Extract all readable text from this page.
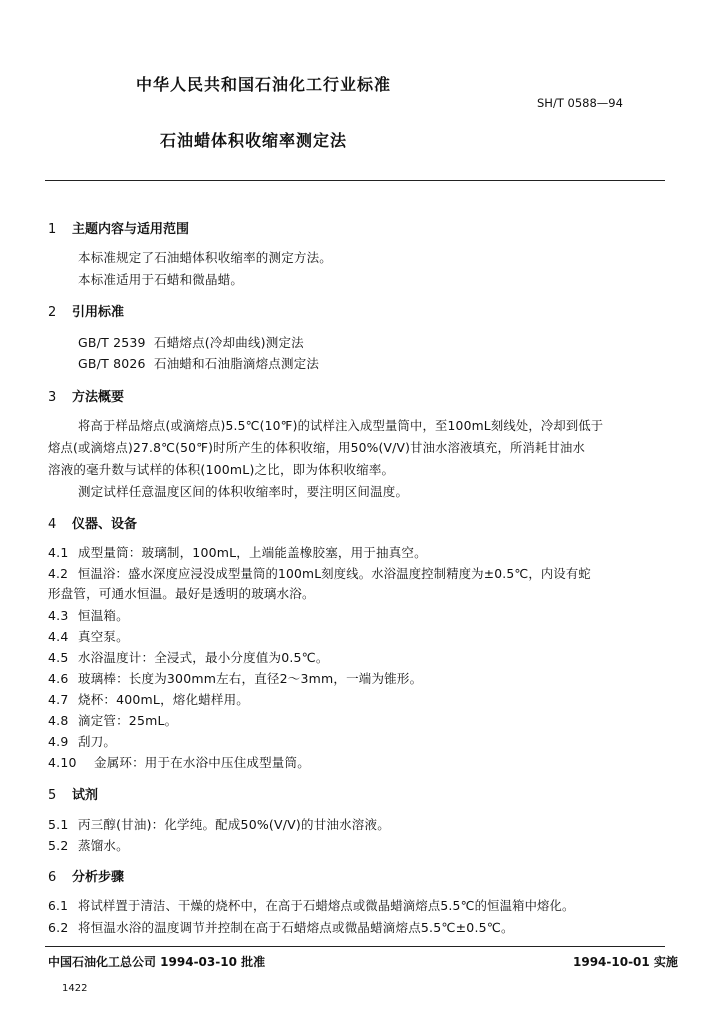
中华人民共和国石油化工行业标准
SH/T 0588—94
石油蜡体积收缩率测定法
1 主题内容与适用范围
本标准规定了石油蜡体积收缩率的测定方法。
本标准适用于石蜡和微晶蜡。
2 引用标准
GB/T 2539 石蜡熔点(冷却曲线)测定法
GB/T 8026 石油蜡和石油脂滴熔点测定法
3 方法概要
将高于样品熔点(或滴熔点)5.5℃(10℉)的试样注入成型量筒中，至100mL刻线处，冷却到低于
熔点(或滴熔点)27.8℃(50℉)时所产生的体积收缩，用50%(V/V)甘油水溶液填充，所消耗甘油水
溶液的毫升数与试样的体积(100mL)之比，即为体积收缩率。
测定试样任意温度区间的体积收缩率时，要注明区间温度。
4 仪器、设备
4.1 成型量筒：玻璃制，100mL，上端能盖橡胶塞，用于抽真空。
4.2 恒温浴：盛水深度应浸没成型量筒的100mL刻度线。水浴温度控制精度为±0.5℃，内设有蛇
形盘管，可通水恒温。最好是透明的玻璃水浴。
4.3 恒温箱。
4.4 真空泵。
4.5 水浴温度计：全浸式，最小分度值为0.5℃。
4.6 玻璃棒：长度为300mm左右，直径2～3mm，一端为锥形。
4.7 烧杯：400mL，熔化蜡样用。
4.8 滴定管：25mL。
4.9 刮刀。
4.10 金属环：用于在水浴中压住成型量筒。
5 试剂
5.1 丙三醇(甘油)：化学纯。配成50%(V/V)的甘油水溶液。
5.2 蒸馏水。
6 分析步骤
6.1 将试样置于清洁、干燥的烧杯中，在高于石蜡熔点或微晶蜡滴熔点5.5℃的恒温箱中熔化。
6.2 将恒温水浴的温度调节并控制在高于石蜡熔点或微晶蜡滴熔点5.5℃±0.5℃。
中国石油化工总公司 1994-03-10 批准	1994-10-01 实施
1422
